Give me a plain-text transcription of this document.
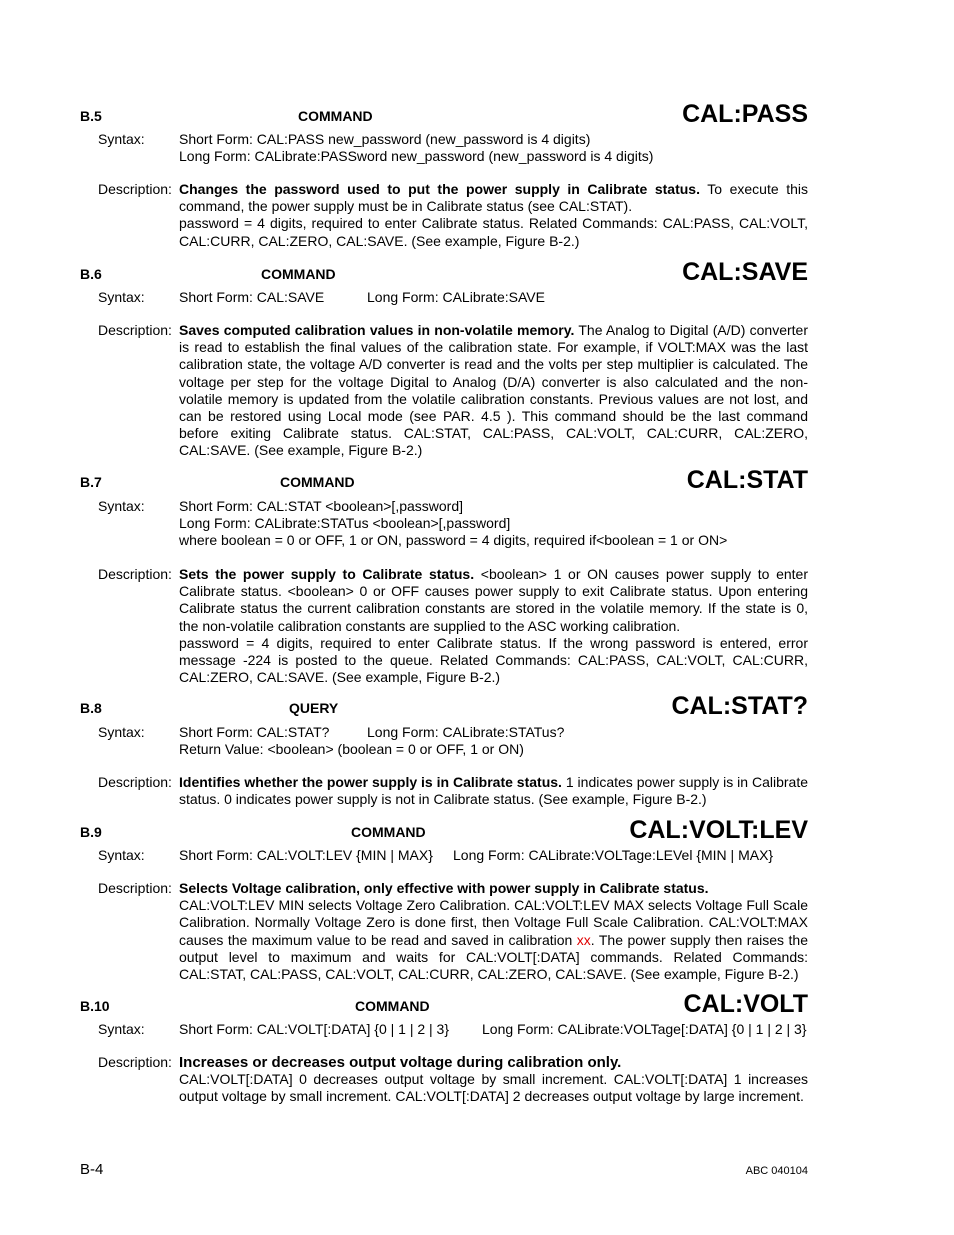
B.5	COMMAND	CAL:PASS
Syntax: Short Form: CAL:PASS new_password (new_password is 4 digits)
Long Form: CALibrate:PASSword new_password (new_password is 4 digits)
Description: Changes the password used to put the power supply in Calibrate status. To execute this command, the power supply must be in Calibrate status (see CAL:STAT).
password = 4 digits, required to enter Calibrate status. Related Commands: CAL:PASS, CAL:VOLT, CAL:CURR, CAL:ZERO, CAL:SAVE. (See example, Figure B-2.)
B.6	COMMAND	CAL:SAVE
Syntax: Short Form: CAL:SAVE	Long Form: CALibrate:SAVE
Description: Saves computed calibration values in non-volatile memory. The Analog to Digital (A/D) converter is read to establish the final values of the calibration state. For example, if VOLT:MAX was the last calibration state, the voltage A/D converter is read and the volts per step multiplier is calculated. The voltage per step for the voltage Digital to Analog (D/A) converter is also calculated and the non-volatile memory is updated from the volatile calibration constants. Previous values are not lost, and can be restored using Local mode (see PAR. 4.5 ). This command should be the last command before exiting Calibrate status. CAL:STAT, CAL:PASS, CAL:VOLT, CAL:CURR, CAL:ZERO, CAL:SAVE. (See example, Figure B-2.)
B.7	COMMAND	CAL:STAT
Syntax: Short Form: CAL:STAT <boolean>[,password]
Long Form: CALibrate:STATus <boolean>[,password]
where boolean = 0 or OFF, 1 or ON, password = 4 digits, required if<boolean = 1 or ON>
Description: Sets the power supply to Calibrate status. <boolean> 1 or ON causes power supply to enter Calibrate status. <boolean> 0 or OFF causes power supply to exit Calibrate status. Upon entering Calibrate status the current calibration constants are stored in the volatile memory. If the state is 0, the non-volatile calibration constants are supplied to the ASC working calibration.
password = 4 digits, required to enter Calibrate status. If the wrong password is entered, error message -224 is posted to the queue. Related Commands: CAL:PASS, CAL:VOLT, CAL:CURR, CAL:ZERO, CAL:SAVE. (See example, Figure B-2.)
B.8	QUERY	CAL:STAT?
Syntax: Short Form: CAL:STAT?	Long Form: CALibrate:STATus?
Return Value: <boolean> (boolean = 0 or OFF, 1 or ON)
Description: Identifies whether the power supply is in Calibrate status. 1 indicates power supply is in Calibrate status. 0 indicates power supply is not in Calibrate status. (See example, Figure B-2.)
B.9	COMMAND	CAL:VOLT:LEV
Syntax: Short Form: CAL:VOLT:LEV {MIN | MAX} Long Form: CALibrate:VOLTage:LEVel {MIN | MAX}
Description: Selects Voltage calibration, only effective with power supply in Calibrate status.
CAL:VOLT:LEV MIN selects Voltage Zero Calibration. CAL:VOLT:LEV MAX selects Voltage Full Scale Calibration. Normally Voltage Zero is done first, then Voltage Full Scale Calibration. CAL:VOLT:MAX causes the maximum value to be read and saved in calibration xx. The power supply then raises the output level to maximum and waits for CAL:VOLT[:DATA] commands. Related Commands: CAL:STAT, CAL:PASS, CAL:VOLT, CAL:CURR, CAL:ZERO, CAL:SAVE. (See example, Figure B-2.)
B.10	COMMAND	CAL:VOLT
Syntax: Short Form: CAL:VOLT[:DATA] {0 | 1 | 2 | 3} Long Form: CALibrate:VOLTage[:DATA] {0 | 1 | 2 | 3}
Description: Increases or decreases output voltage during calibration only.
CAL:VOLT[:DATA] 0 decreases output voltage by small increment. CAL:VOLT[:DATA] 1 increases output voltage by small increment. CAL:VOLT[:DATA] 2 decreases output voltage by large increment.
B-4	ABC 040104
